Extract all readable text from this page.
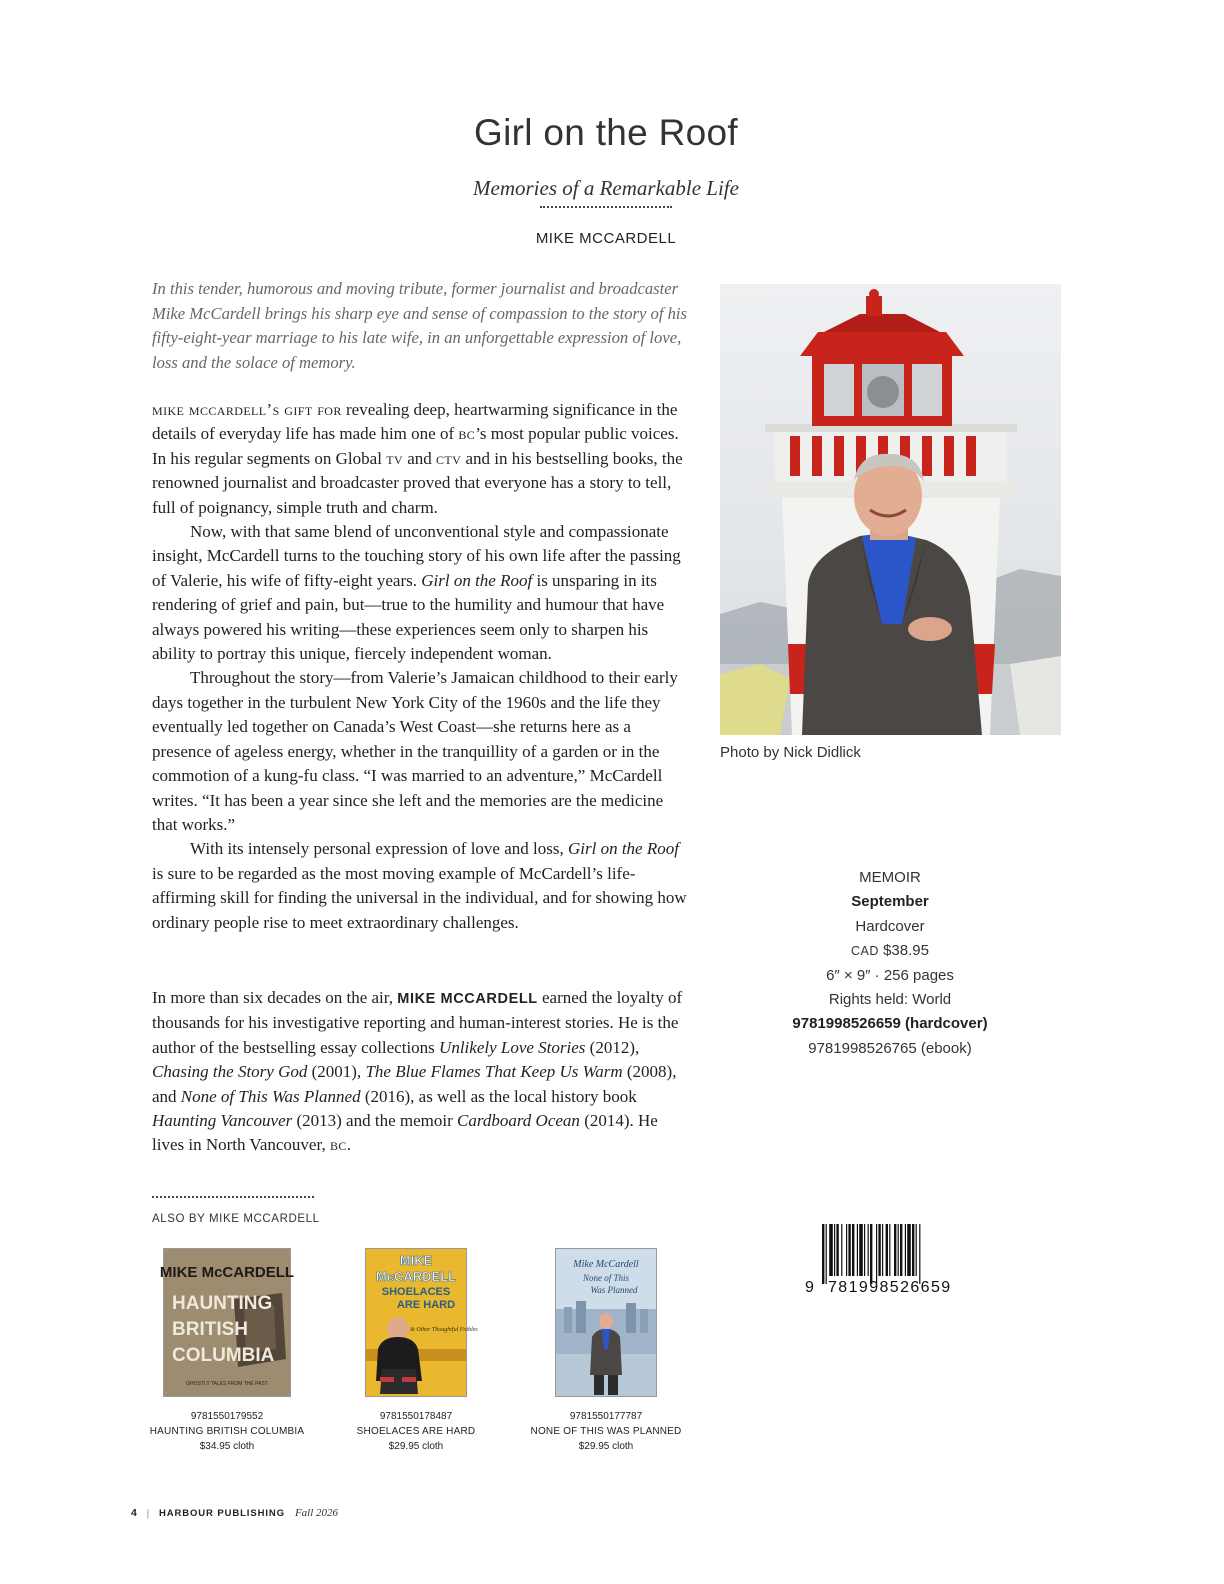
Girl on the Roof
Memories of a Remarkable Life
MIKE MCCARDELL
In this tender, humorous and moving tribute, former journalist and broadcaster Mike McCardell brings his sharp eye and sense of compassion to the story of his fifty-eight-year marriage to his late wife, in an unforgettable expression of love, loss and the solace of memory.

mike mccardell’s gift for revealing deep, heartwarming significance in the details of everyday life has made him one of bc’s most popular public voices. In his regular segments on Global tv and ctv and in his bestselling books, the renowned journalist and broadcaster proved that everyone has a story to tell, full of poignancy, simple truth and charm.

Now, with that same blend of unconventional style and compassionate insight, McCardell turns to the touching story of his own life after the passing of Valerie, his wife of fifty-eight years. Girl on the Roof is unsparing in its rendering of grief and pain, but—true to the humility and humour that have always powered his writing—these experiences seem only to sharpen his ability to portray this unique, fiercely independent woman.

Throughout the story—from Valerie’s Jamaican childhood to their early days together in the turbulent New York City of the 1960s and the life they eventually led together on Canada’s West Coast—she returns here as a presence of ageless energy, whether in the tranquillity of a garden or in the commotion of a kung-fu class. “I was married to an adventure,” McCardell writes. “It has been a year since she left and the memories are the medicine that works.”

With its intensely personal expression of love and loss, Girl on the Roof is sure to be regarded as the most moving example of McCardell’s life-affirming skill for finding the universal in the individual, and for showing how ordinary people rise to meet extraordinary challenges.

In more than six decades on the air, MIKE MCCARDELL earned the loyalty of thousands for his investigative reporting and human-interest stories. He is the author of the bestselling essay collections Unlikely Love Stories (2012), Chasing the Story God (2001), The Blue Flames That Keep Us Warm (2008), and None of This Was Planned (2016), as well as the local history book Haunting Vancouver (2013) and the memoir Cardboard Ocean (2014). He lives in North Vancouver, bc.
Photo by Nick Didlick
MEMOIR
September
Hardcover
CAD $38.95
6″ × 9″ · 256 pages
Rights held: World
9781998526659 (hardcover)
9781998526765 (ebook)
9 781998526659
ALSO BY MIKE MCCARDELL
MIKE McCARDELL
HAUNTING
BRITISH
COLUMBIA
GHOSTLY TALES FROM THE PAST
9781550179552
HAUNTING BRITISH COLUMBIA
$34.95 cloth
MIKE
McCARDELL
SHOELACES
ARE HARD
& Other Thoughtful Foibles
9781550178487
SHOELACES ARE HARD
$29.95 cloth
Mike McCardell
None of This
Was Planned
9781550177787
NONE OF THIS WAS PLANNED
$29.95 cloth
4 | HARBOUR PUBLISHING Fall 2026
